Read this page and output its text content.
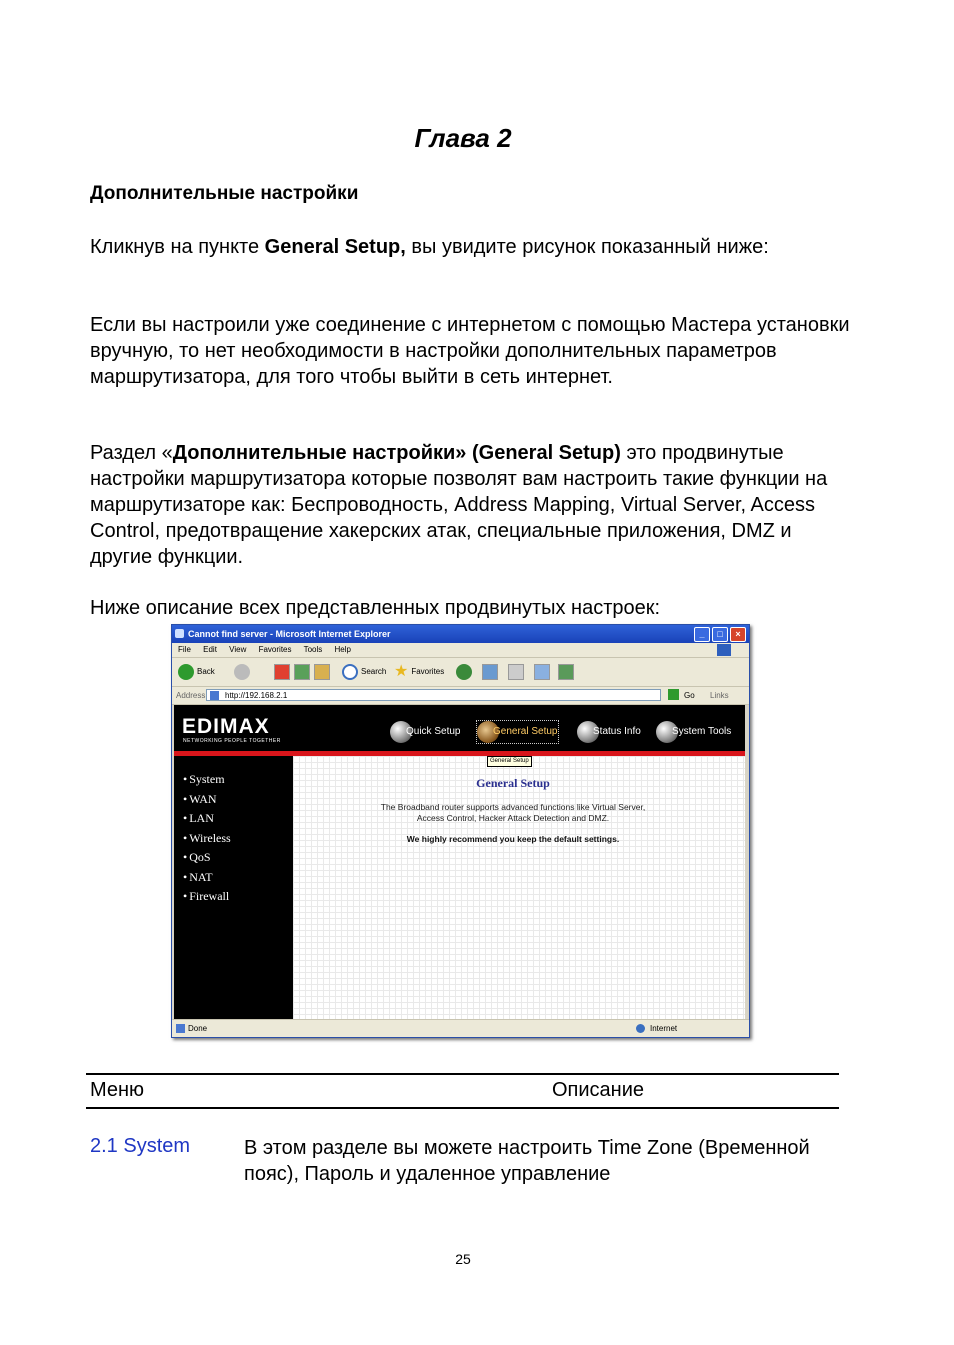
Глава 2
Дополнительные настройки
Кликнув на пункте General Setup, вы увидите рисунок показанный ниже:
Если вы настроили уже соединение с интернетом с помощью Мастера установки вручную, то нет необходимости в настройки дополнительных параметров маршрутизатора, для того чтобы выйти в сеть интернет.
Раздел «Дополнительные настройки» (General Setup) это продвинутые настройки маршрутизатора которые позволят вам настроить такие функции на маршрутизаторе как: Беспроводность, Address Mapping, Virtual Server, Access Control, предотвращение хакерских атак, специальные приложения, DMZ и другие функции.
Ниже описание всех представленных продвинутых настроек:
Cannot find server - Microsoft Internet Explorer	_	□	×
File Edit View Favorites Tools Help
Back	Search ★ Favorites
Address	http://192.168.2.1	Go Links
EDIMAX
NETWORKING PEOPLE TOGETHER
Quick Setup	General Setup	Status Info	System Tools
• System
• WAN
• LAN
• Wireless
• QoS
• NAT
• Firewall
General Setup
The Broadband router supports advanced functions like Virtual Server,
Access Control, Hacker Attack Detection and DMZ.
We highly recommend you keep the default settings.
General Setup
Done	Internet
Меню	Описание
2.1 System	В этом разделе вы можете настроить Time Zone (Временной пояс), Пароль и удаленное управление
25
